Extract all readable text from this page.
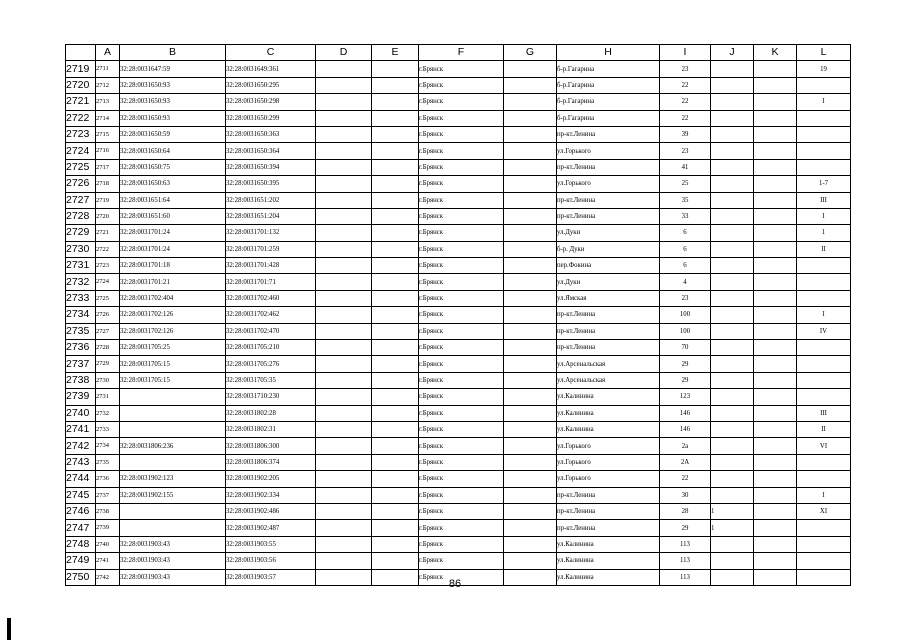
	A	B	C	D	E	F	G	H	I	J	K	L
2719	2711	32:28:0031647:59	32:28:0031649:361			г.Брянск		б-р.Гагарина	23			19
2720	2712	32:28:0031650:93	32:28:0031650:295			г.Брянск		б-р.Гагарина	22			
2721	2713	32:28:0031650:93	32:28:0031650:298			г.Брянск		б-р.Гагарина	22			I
2722	2714	32:28:0031650:93	32:28:0031650:299			г.Брянск		б-р.Гагарина	22			
2723	2715	32:28:0031650:59	32:28:0031650:363			г.Брянск		пр-кт.Ленина	39			
2724	2716	32:28:0031650:64	32:28:0031650:364			г.Брянск		ул.Горького	23			
2725	2717	32:28:0031650:75	32:28:0031650:394			г.Брянск		пр-кт.Ленина	41			
2726	2718	32:28:0031650:63	32:28:0031650:395			г.Брянск		ул.Горького	25			1-7
2727	2719	32:28:0031651:64	32:28:0031651:202			г.Брянск		пр-кт.Ленина	35			III
2728	2720	32:28:0031651:60	32:28:0031651:204			г.Брянск		пр-кт.Ленина	33			I
2729	2721	32:28:0031701:24	32:28:0031701:132			г.Брянск		ул.Дуки	6			1
2730	2722	32:28:0031701:24	32:28:0031701:259			г.Брянск		б-р. Дуки	6			II
2731	2723	32:28:0031701:18	32:28:0031701:428			г.Брянск		пер.Фокина	6			
2732	2724	32:28:0031701:21	32:28:0031701:71			г.Брянск		ул.Дуки	4			
2733	2725	32:28:0031702:404	32:28:0031702:460			г.Брянск		ул.Ямская	23			
2734	2726	32:28:0031702:126	32:28:0031702:462			г.Брянск		пр-кт.Ленина	100			I
2735	2727	32:28:0031702:126	32:28:0031702:470			г.Брянск		пр-кт.Ленина	100			IV
2736	2728	32:28:0031705:25	32:28:0031705:210			г.Брянск		пр-кт.Ленина	70			
2737	2729	32:28:0031705:15	32:28:0031705:276			г.Брянск		ул.Арсенальская	29			
2738	2730	32:28:0031705:15	32:28:0031705:35			г.Брянск		ул.Арсенальская	29			
2739	2731		32:28:0031710:230			г.Брянск		ул.Калинина	123			
2740	2732		32:28:0031802:28			г.Брянск		ул.Калинина	146			III
2741	2733		32:28:0031802:31			г.Брянск		ул.Калинина	146			II
2742	2734	32:28:0031806:236	32:28:0031806:300			г.Брянск		ул.Горького	2а			VI
2743	2735		32:28:0031806:374			г.Брянск		ул.Горького	2А			
2744	2736	32:28:0031902:123	32:28:0031902:205			г.Брянск		ул.Горького	22			
2745	2737	32:28:0031902:155	32:28:0031902:334			г.Брянск		пр-кт.Ленина	30			I
2746	2738		32:28:0031902:486			г.Брянск		пр-кт.Ленина	28	1		XI
2747	2739		32:28:0031902:487			г.Брянск		пр-кт.Ленина	29	1		
2748	2740	32:28:0031903:43	32:28:0031903:55			г.Брянск		ул.Калинина	113			
2749	2741	32:28:0031903:43	32:28:0031903:56			г.Брянск		ул.Калинина	113			
2750	2742	32:28:0031903:43	32:28:0031903:57			г.Брянск		ул.Калинина	113			
86
